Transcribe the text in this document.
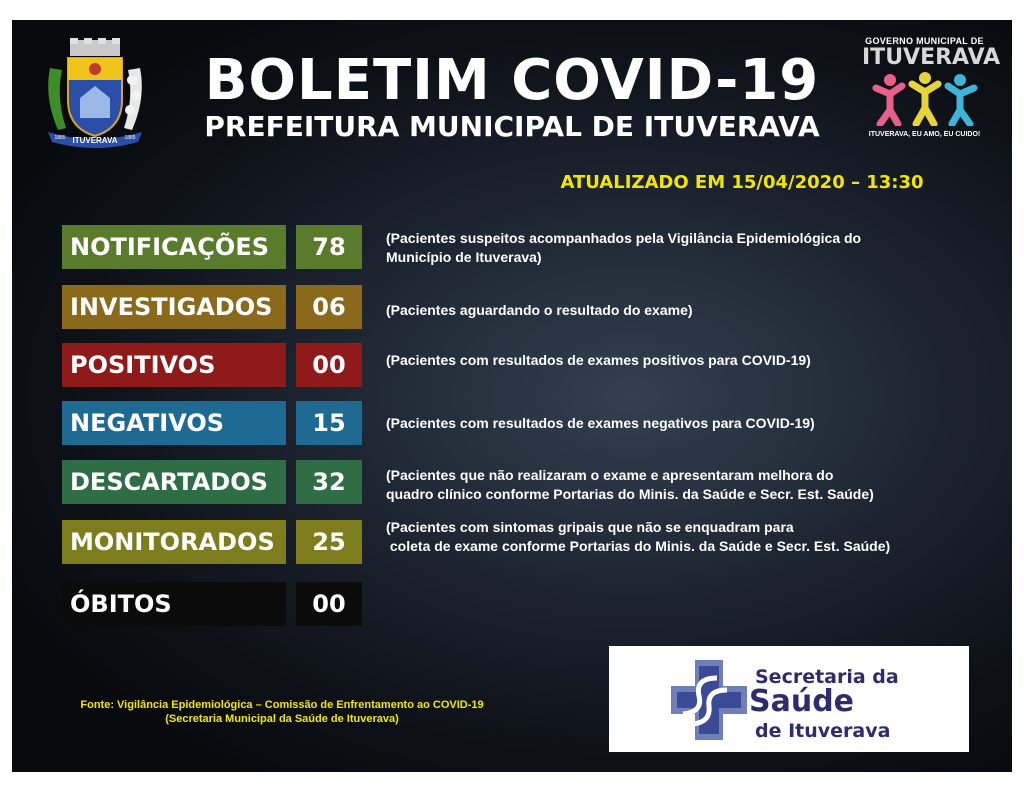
ITUVERAVA
1885	1885
BOLETIM COVID-19
PREFEITURA MUNICIPAL DE ITUVERAVA
GOVERNO MUNICIPAL DE
ITUVERAVA
ITUVERAVA, EU AMO, EU CUIDO!
ATUALIZADO EM 15/04/2020 – 13:30
NOTIFICAÇÕES	78	(Pacientes suspeitos acompanhados pela Vigilância Epidemiológica do
Município de Ituverava)
INVESTIGADOS	06	(Pacientes aguardando o resultado do exame)
POSITIVOS	00	(Pacientes com resultados de exames positivos para COVID-19)
NEGATIVOS	15	(Pacientes com resultados de exames negativos para COVID-19)
DESCARTADOS	32	(Pacientes que não realizaram o exame e apresentaram melhora do
quadro clínico conforme Portarias do Minis. da Saúde e Secr. Est. Saúde)
MONITORADOS	25
(Pacientes com sintomas gripais que não se enquadram para
coleta de exame conforme Portarias do Minis. da Saúde e Secr. Est. Saúde)
ÓBITOS	00
Fonte: Vigilância Epidemiológica – Comissão de Enfrentamento ao COVID-19
(Secretaria Municipal da Saúde de Ituverava)
Secretaria da
Saúde
de Ituverava
